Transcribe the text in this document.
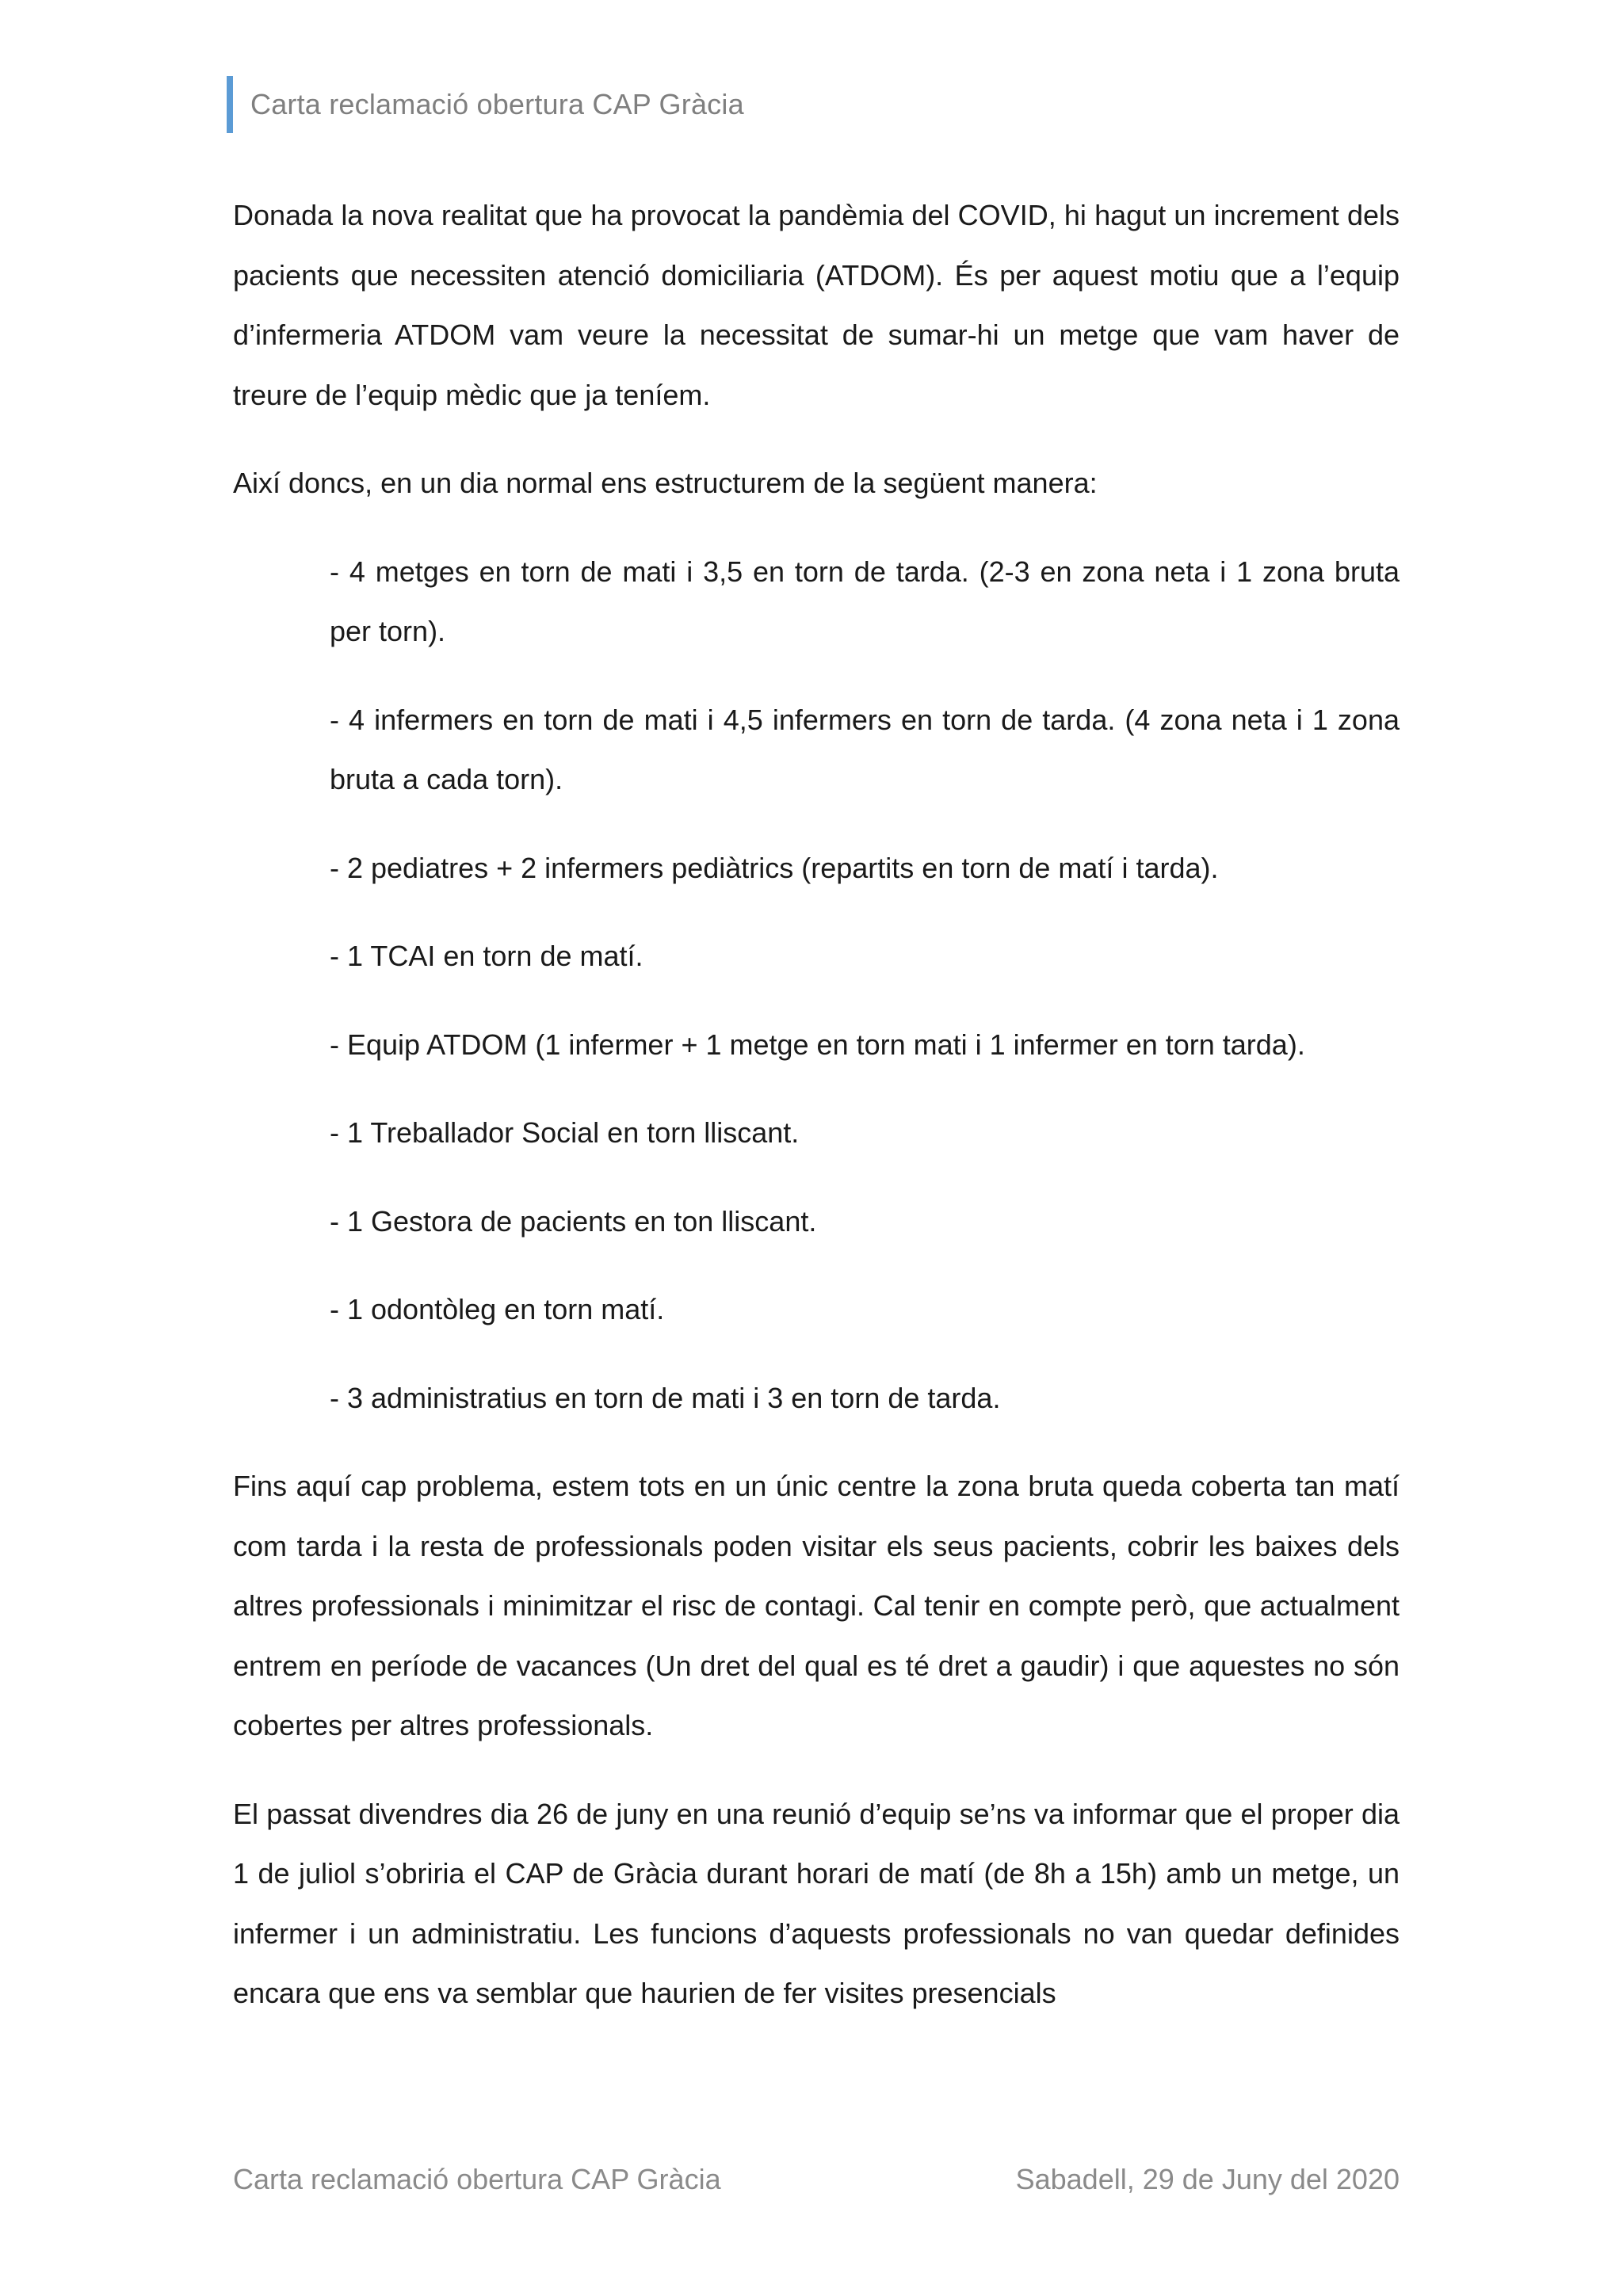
Carta reclamació obertura CAP Gràcia

Donada la nova realitat que ha provocat la pandèmia del COVID, hi hagut un increment dels pacients que necessiten atenció domiciliaria (ATDOM). És per aquest motiu que a l’equip d’infermeria ATDOM vam veure la necessitat de sumar-hi un metge que vam haver de treure de l’equip mèdic que ja teníem.

Així doncs, en un dia normal ens estructurem de la següent manera:

- 4 metges en torn de mati i 3,5 en torn de tarda. (2-3 en zona neta i 1 zona bruta per torn).
- 4 infermers en torn de mati i 4,5 infermers en torn de tarda. (4 zona neta i 1 zona bruta a cada torn).
- 2 pediatres + 2 infermers pediàtrics (repartits en torn de matí i tarda).
- 1 TCAI en torn de matí.
- Equip ATDOM (1 infermer + 1 metge en torn mati i 1 infermer en torn tarda).
- 1 Treballador Social en torn lliscant.
- 1 Gestora de pacients en ton lliscant.
- 1 odontòleg en torn matí.
- 3 administratius en torn de mati i 3 en torn de tarda.

Fins aquí cap problema, estem tots en un únic centre la zona bruta queda coberta tan matí com tarda i la resta de professionals poden visitar els seus pacients, cobrir les baixes dels altres professionals i minimitzar el risc de contagi. Cal tenir en compte però, que actualment entrem en període de vacances (Un dret del qual es té dret a gaudir) i que aquestes no són cobertes per altres professionals.

El passat divendres dia 26 de juny en una reunió d’equip se’ns va informar que el proper dia 1 de juliol s’obriria el CAP de Gràcia durant horari de matí (de 8h a 15h) amb un metge, un infermer i un administratiu. Les funcions d’aquests professionals no van quedar definides encara que ens va semblar que haurien de fer visites presencials

Carta reclamació obertura CAP Gràcia	Sabadell, 29 de Juny del 2020
